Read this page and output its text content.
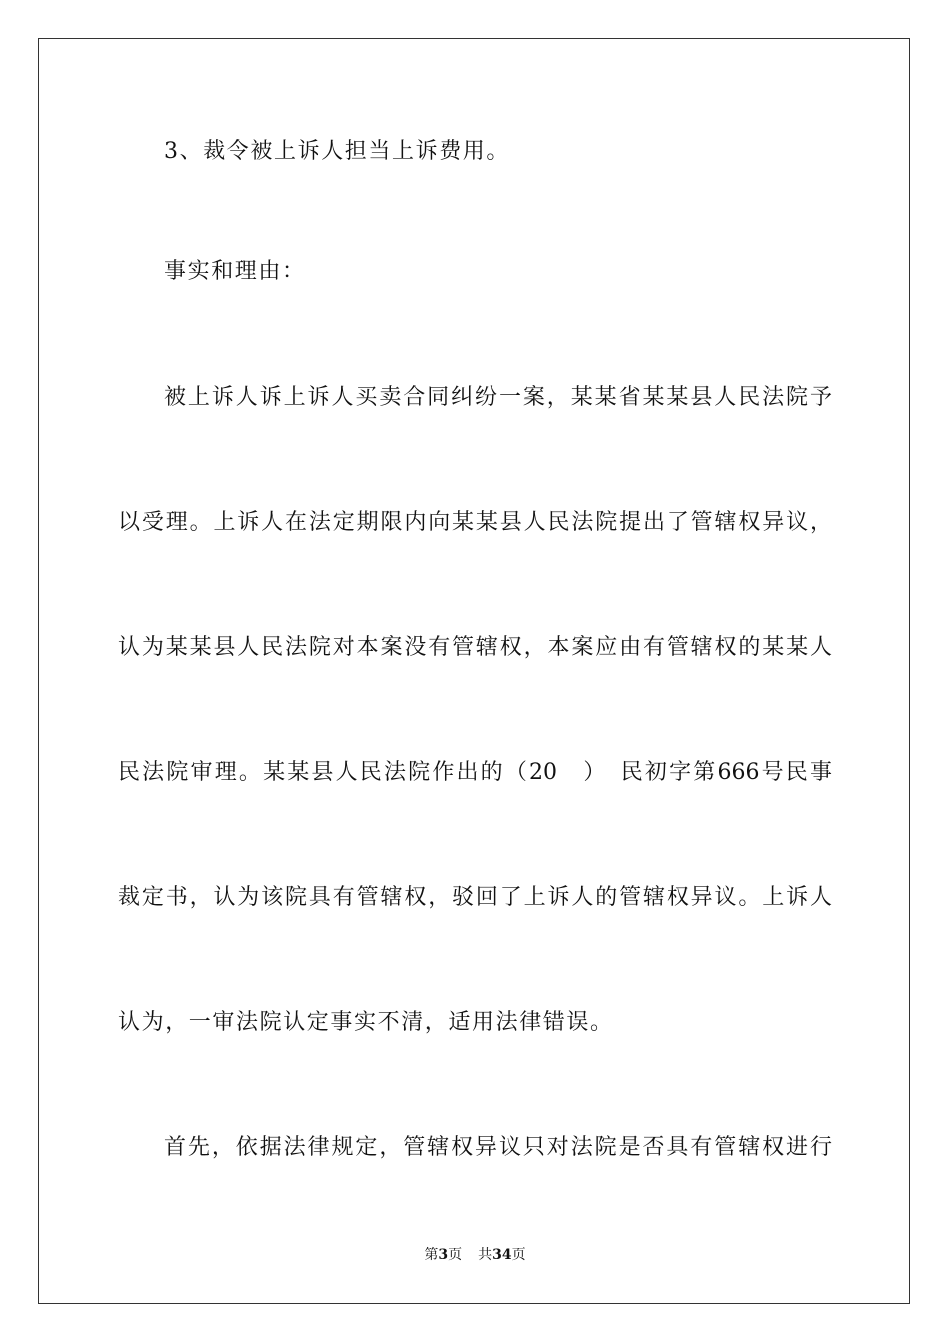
3、裁令被上诉人担当上诉费用。
事实和理由：
被上诉人诉上诉人买卖合同纠纷一案，某某省某某县人民法院予
以受理。上诉人在法定期限内向某某县人民法院提出了管辖权异议，
认为某某县人民法院对本案没有管辖权，本案应由有管辖权的某某人
民法院审理。某某县人民法院作出的（20　）　民初字第666号民事
裁定书，认为该院具有管辖权，驳回了上诉人的管辖权异议。上诉人
认为，一审法院认定事实不清，适用法律错误。
首先，依据法律规定，管辖权异议只对法院是否具有管辖权进行
第3页 共34页
